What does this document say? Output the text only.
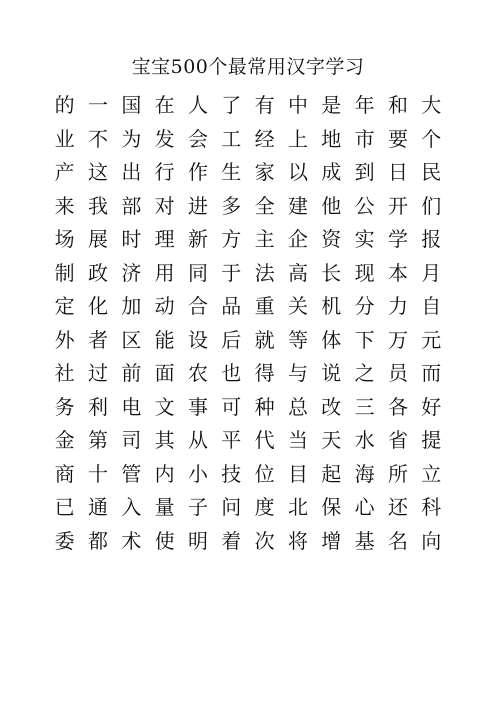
宝宝500个最常用汉字学习
的 一 国 在 人 了 有 中 是 年 和 大
业 不 为 发 会 工 经 上 地 市 要 个
产 这 出 行 作 生 家 以 成 到 日 民
来 我 部 对 进 多 全 建 他 公 开 们
场 展 时 理 新 方 主 企 资 实 学 报
制 政 济 用 同 于 法 高 长 现 本 月
定 化 加 动 合 品 重 关 机 分 力 自
外 者 区 能 设 后 就 等 体 下 万 元
社 过 前 面 农 也 得 与 说 之 员 而
务 利 电 文 事 可 种 总 改 三 各 好
金 第 司 其 从 平 代 当 天 水 省 提
商 十 管 内 小 技 位 目 起 海 所 立
已 通 入 量 子 问 度 北 保 心 还 科
委 都 术 使 明 着 次 将 增 基 名 向
